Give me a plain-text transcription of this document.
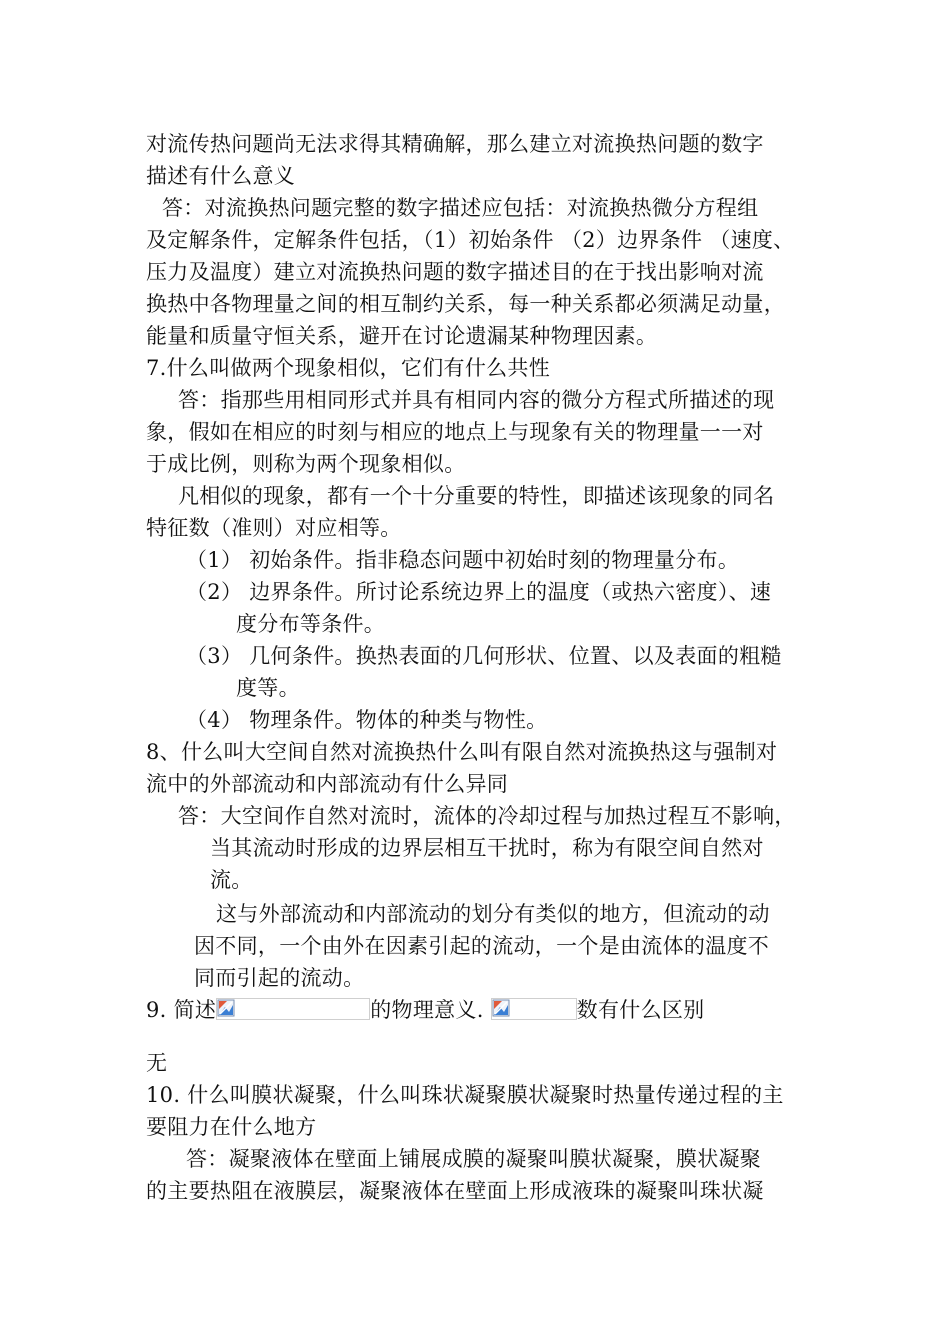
对流传热问题尚无法求得其精确解，那么建立对流换热问题的数字
描述有什么意义
答：对流换热问题完整的数字描述应包括：对流换热微分方程组
及定解条件，定解条件包括，（1）初始条件 （2）边界条件 （速度、
压力及温度）建立对流换热问题的数字描述目的在于找出影响对流
换热中各物理量之间的相互制约关系，每一种关系都必须满足动量，
能量和质量守恒关系，避开在讨论遗漏某种物理因素。
7.什么叫做两个现象相似，它们有什么共性
答：指那些用相同形式并具有相同内容的微分方程式所描述的现
象，假如在相应的时刻与相应的地点上与现象有关的物理量一一对
于成比例，则称为两个现象相似。
凡相似的现象，都有一个十分重要的特性，即描述该现象的同名
特征数（准则）对应相等。
（1） 初始条件。指非稳态问题中初始时刻的物理量分布。
（2） 边界条件。所讨论系统边界上的温度（或热六密度）、速
度分布等条件。
（3） 几何条件。换热表面的几何形状、位置、以及表面的粗糙
度等。
（4） 物理条件。物体的种类与物性。
8、什么叫大空间自然对流换热什么叫有限自然对流换热这与强制对
流中的外部流动和内部流动有什么异同
答：大空间作自然对流时，流体的冷却过程与加热过程互不影响，
当其流动时形成的边界层相互干扰时，称为有限空间自然对
流。
这与外部流动和内部流动的划分有类似的地方，但流动的动
因不同，一个由外在因素引起的流动，一个是由流体的温度不
同而引起的流动。
9. 简述	的物理意义.	数有什么区别
无
10. 什么叫膜状凝聚，什么叫珠状凝聚膜状凝聚时热量传递过程的主
要阻力在什么地方
答：凝聚液体在壁面上铺展成膜的凝聚叫膜状凝聚，膜状凝聚
的主要热阻在液膜层，凝聚液体在壁面上形成液珠的凝聚叫珠状凝
